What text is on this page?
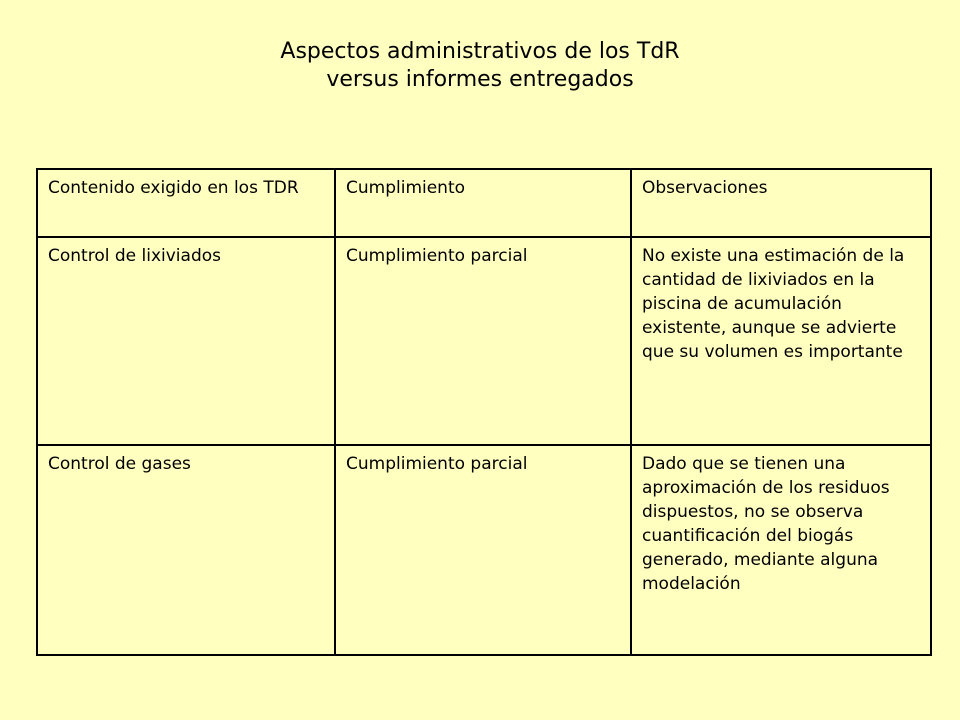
Aspectos administrativos de los TdR
versus informes entregados
Contenido exigido en los TDR	Cumplimiento	Observaciones

Control de lixiviados	Cumplimiento parcial	No existe una estimación de la cantidad de lixiviados en la piscina de acumulación existente, aunque se advierte que su volumen es importante

Control de gases	Cumplimiento parcial	Dado que se tienen una aproximación de los residuos dispuestos, no se observa cuantificación del biogás generado, mediante alguna modelación
